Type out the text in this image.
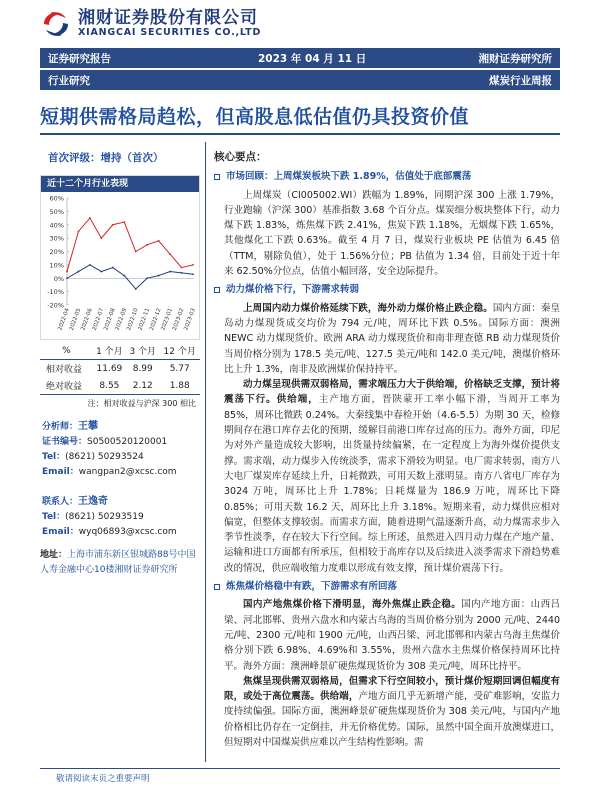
湘财证券股份有限公司
XIANGCAI SECURITIES CO.,LTD
证券研究报告	2023 年 04 月 11 日	湘财证券研究所
行业研究	煤炭行业周报
短期供需格局趋松，但高股息低估值仍具投资价值
首次评级：增持（首次）
近十二个月行业表现
60%
50%
40%
30%
20%
10%
0%
-10%
-20%
2022-04
2022-05
2022-06
2022-07
2022-08
2022-09
2022-10
2022-11
2022-12
2023-01
2023-02
2023-03
%	1 个月	3 个月	12 个月
相对收益	11.69	8.99	5.77
绝对收益	8.55	2.12	1.88
注：相对收益与沪深 300 相比
分析师：王攀
证书编号：S0500520120001
Tel：(8621) 50293524
Email：wangpan2@xcsc.com
联系人：王逸奇
Tel：(8621) 50293519
Email：wyq06893@xcsc.com
地址：上海市浦东新区银城路88号中国人寿金融中心10楼湘财证券研究所
核心要点：
市场回顾：上周煤炭板块下跌 1.89%，估值处于底部震荡

上周煤炭（CI005002.WI）跌幅为 1.89%，同期沪深 300 上涨 1.79%，行业跑输（沪深 300）基准指数 3.68 个百分点。煤炭细分板块整体下行，动力煤下跌 1.83%，炼焦煤下跌 2.41%，焦炭下跌 1.18%，无烟煤下跌 1.65%，其他煤化工下跌 0.63%。截至 4 月 7 日，煤炭行业板块 PE 估值为 6.45 倍（TTM，剔除负值），处于 1.56%分位；PB 估值为 1.34 倍，目前处于近十年来 62.50%分位点，估值小幅回落，安全边际提升。

动力煤价格下行，下游需求转弱

上周国内动力煤价格延续下跌，海外动力煤价格止跌企稳。国内方面：秦皇岛动力煤现货成交均价为 794 元/吨，周环比下跌 0.5%。国际方面：澳洲 NEWC 动力煤现货价、欧洲 ARA 动力煤现货价和南非理查德 RB 动力煤现货价当周价格分别为 178.5 美元/吨、127.5 美元/吨和 142.0 美元/吨，澳煤价格环比上升 1.3%，南非及欧洲煤价保持持平。

动力煤呈现供需双弱格局，需求端压力大于供给端，价格缺乏支撑，预计将震荡下行。供给端，主产地方面，晋陕蒙开工率小幅下滑，当周开工率为 85%，周环比微跌 0.24%。大秦线集中春检开始（4.6-5.5）为期 30 天，检修期间存在港口库存去化的预期，缓解目前港口库存过高的压力。海外方面，印尼为对外产量造成较大影响，出货量持续偏紧，在一定程度上为海外煤价提供支撑。需求端，动力煤步入传统淡季，需求下滑较为明显。电厂需求转弱，南方八大电厂煤炭库存延续上升，日耗微跌，可用天数上涨明显。南方八省电厂库存为 3024 万吨，周环比上升 1.78%；日耗煤量为 186.9 万吨，周环比下降 0.85%；可用天数 16.2 天，周环比上升 3.18%。短期来看，动力煤供应相对偏宽，但整体支撑较弱。而需求方面，随着进期气温逐渐升高，动力煤需求步入季节性淡季，存在较大下行空间。综上所述，虽然进入四月动力煤在产地产量、运输和进口方面都有所承压，但相较于高库存以及后续进入淡季需求下滑趋势难改的情况，供应端收缩力度难以形成有效支撑，预计煤价震荡下行。

炼焦煤价格稳中有跌，下游需求有所回落

国内产地焦煤价格下滑明显，海外焦煤止跌企稳。国内产地方面：山西吕梁、河北邯郸、贵州六盘水和内蒙古乌海的当周价格分别为 2000 元/吨、2440 元/吨、2300 元/吨和 1900 元/吨，山西吕梁、河北邯郸和内蒙古乌海主焦煤价格分别下跌 6.98%、4.69%和 3.55%，贵州六盘水主焦煤价格保持周环比持平。海外方面：澳洲峰景矿硬焦煤现货价为 308 美元/吨，周环比持平。

焦煤呈现供需双弱格局，但需求下行空间较小，预计煤价短期回调但幅度有限，或处于高位震荡。供给端，产地方面几乎无新增产能，受矿难影响，安监力度持续偏强。国际方面，澳洲峰景矿硬焦煤现货价为 308 美元/吨，与国内产地价格相比仍存在一定倒挂，并无价格优势。国际，虽然中国全面开放澳煤进口，但短期对中国煤炭供应难以产生结构性影响。需

敬请阅读末页之重要声明
